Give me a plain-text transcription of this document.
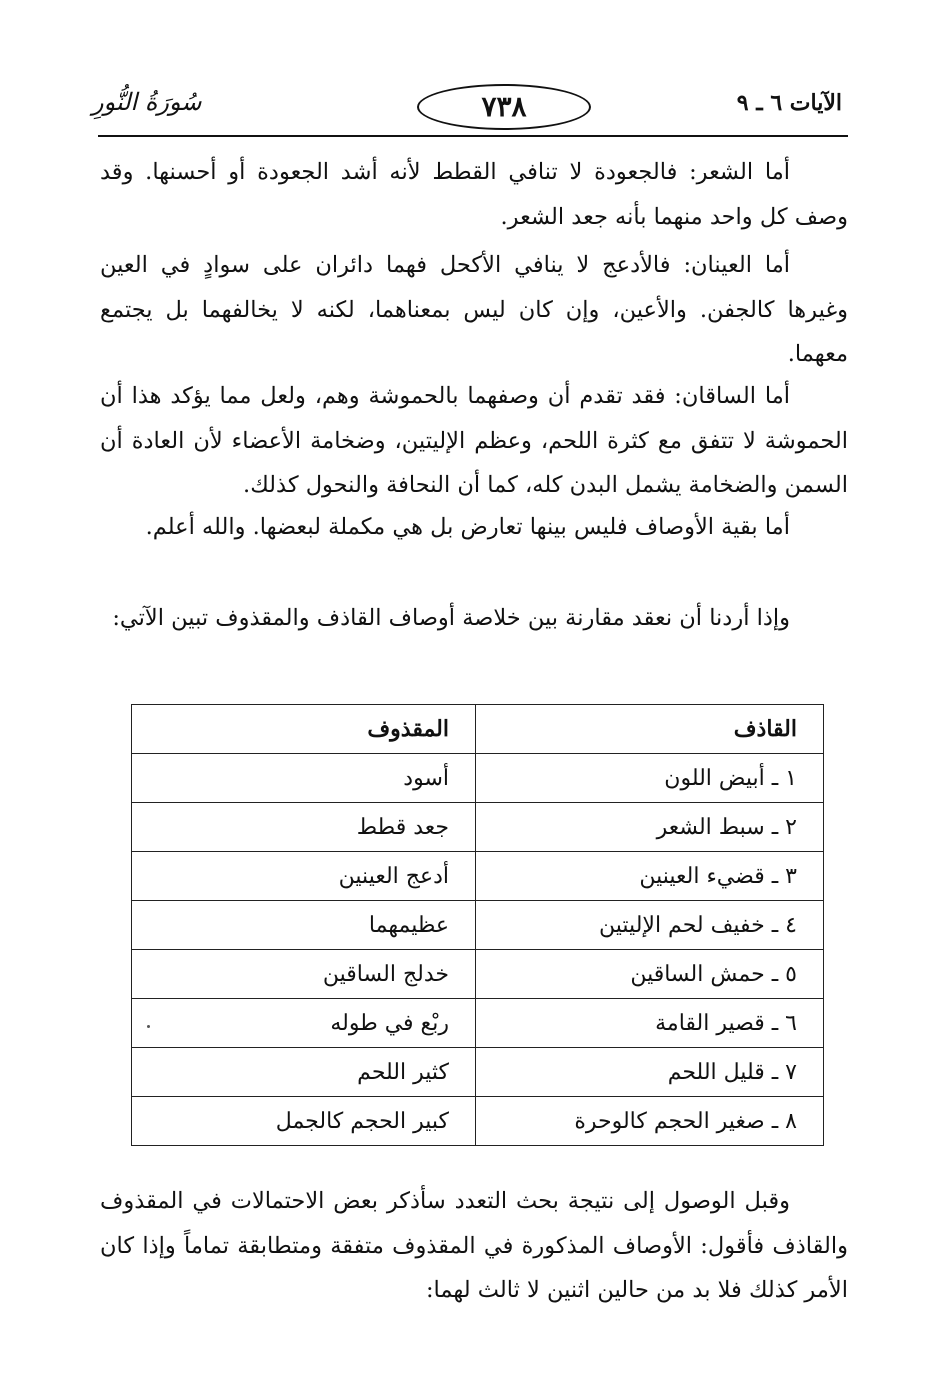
الآيات ٦ ـ ٩
٧٣٨
سُورَةُ النُّورِ

أما الشعر: فالجعودة لا تنافي القطط لأنه أشد الجعودة أو أحسنها. وقد وصف كل واحد منهما بأنه جعد الشعر.

أما العينان: فالأدعج لا ينافي الأكحل فهما دائران على سوادٍ في العين وغيرها كالجفن. والأعين، وإن كان ليس بمعناهما، لكنه لا يخالفهما بل يجتمع معهما.

أما الساقان: فقد تقدم أن وصفهما بالحموشة وهم، ولعل مما يؤكد هذا أن الحموشة لا تتفق مع كثرة اللحم، وعظم الإليتين، وضخامة الأعضاء لأن العادة أن السمن والضخامة يشمل البدن كله، كما أن النحافة والنحول كذلك.

أما بقية الأوصاف فليس بينها تعارض بل هي مكملة لبعضها. والله أعلم.

وإذا أردنا أن نعقد مقارنة بين خلاصة أوصاف القاذف والمقذوف تبين الآتي:

القاذف	المقذوف
١ ـ أبيض اللون	أسود
٢ ـ سبط الشعر	جعد قطط
٣ ـ قضيء العينين	أدعج العينين
٤ ـ خفيف لحم الإليتين	عظيمهما
٥ ـ حمش الساقين	خدلج الساقين
٦ ـ قصير القامة	ربْع في طوله
٧ ـ قليل اللحم	كثير اللحم
٨ ـ صغير الحجم كالوحرة	كبير الحجم كالجمل

وقبل الوصول إلى نتيجة بحث التعدد سأذكر بعض الاحتمالات في المقذوف والقاذف فأقول: الأوصاف المذكورة في المقذوف متفقة ومتطابقة تماماً وإذا كان الأمر كذلك فلا بد من حالين اثنين لا ثالث لهما:
